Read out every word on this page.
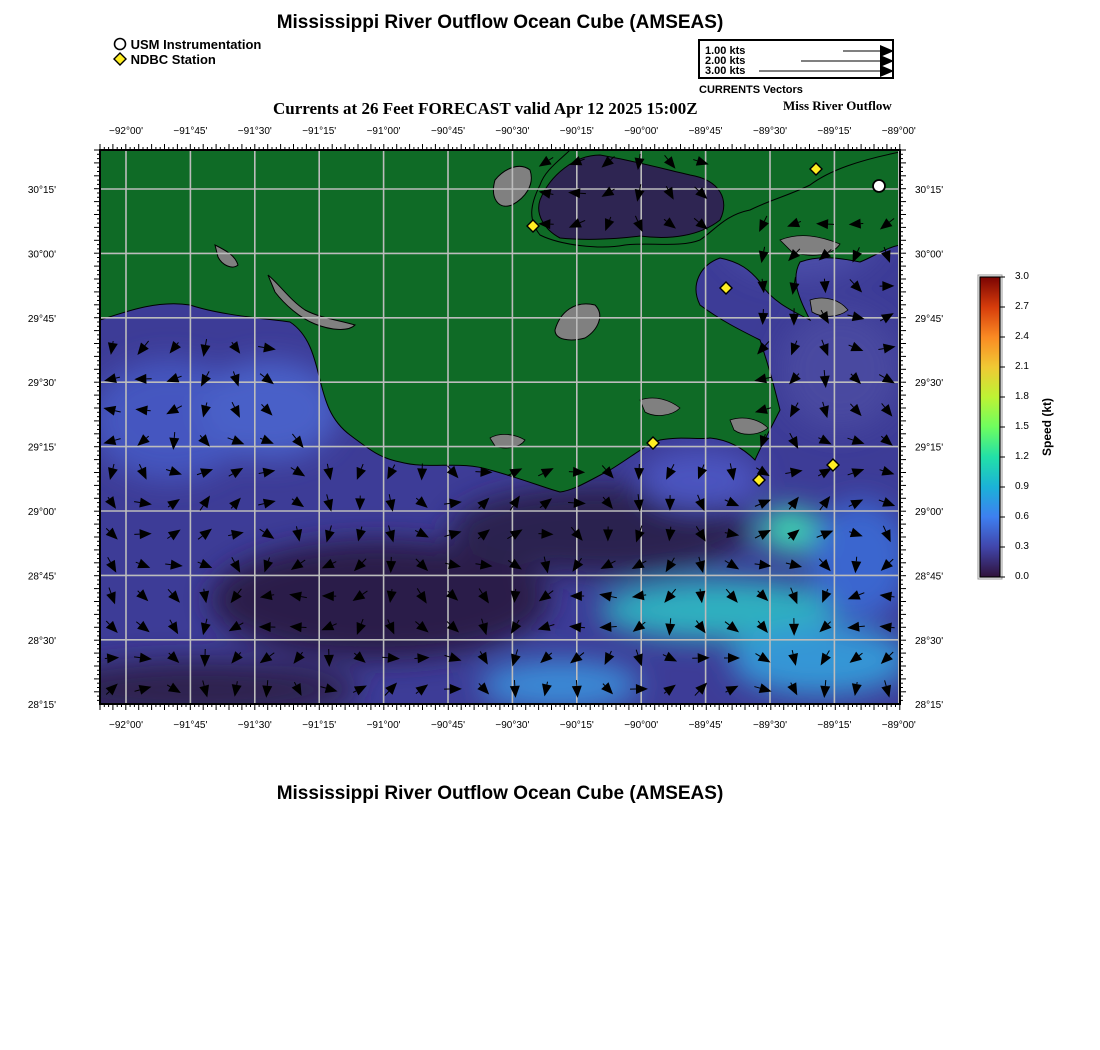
Mississippi River Outflow Ocean Cube (AMSEAS)
USM Instrumentation
NDBC Station
1.00 kts
2.00 kts
3.00 kts
CURRENTS Vectors
Currents at 26 Feet FORECAST valid Apr 12 2025 15:00Z	Miss River Outflow
−92°00'
−92°00'
−91°45'
−91°45'
−91°30'
−91°30'
−91°15'
−91°15'
−91°00'
−91°00'
−90°45'
−90°45'
−90°30'
−90°30'
−90°15'
−90°15'
−90°00'
−90°00'
−89°45'
−89°45'
−89°30'
−89°30'
−89°15'
−89°15'
−89°00'
−89°00'
30°15'	30°15'
30°00'	30°00'
29°45'	29°45'
29°30'	29°30'
29°15'	29°15'
29°00'	29°00'
28°45'	28°45'
28°30'	28°30'
28°15'	28°15'
3.0
2.7
2.4
2.1
1.8
1.5
1.2
0.9
0.6
0.3
0.0
Speed (kt)
Mississippi River Outflow Ocean Cube (AMSEAS)
